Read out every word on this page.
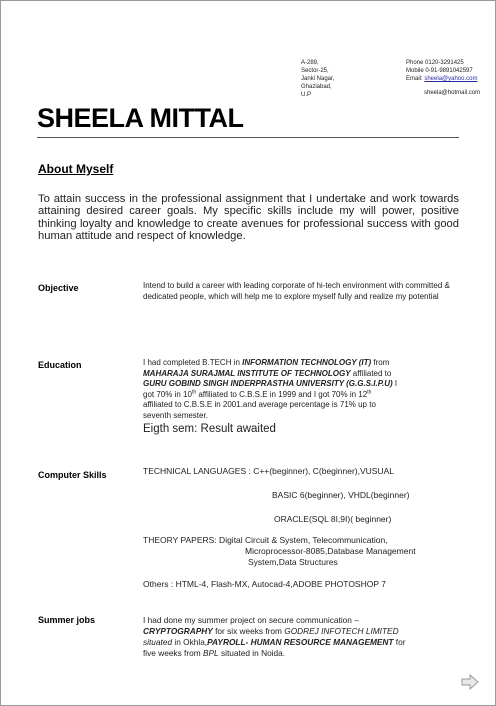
A-289,
Sector-25,
Janki Nagar,
Ghaziabad,
U.P
Phone 0120-3291425
Mobile 0-91-9891042597
Email: sheela@yahoo.com
sheela@hotmail.com
SHEELA MITTAL
About Myself
To attain success in the professional assignment that I undertake and work towards attaining desired career goals. My specific skills include my will power, positive thinking loyalty and knowledge to create avenues for professional success with good human attitude and respect of knowledge.
Objective	Intend to build a career with leading corporate of hi-tech environment with committed & dedicated people, which will help me to explore myself fully and realize my potential
Education	I had completed B.TECH in INFORMATION TECHNOLOGY (IT) from

MAHARAJA SURAJMAL INSTITUTE OF TECHNOLOGY affiliated to

GURU GOBIND SINGH INDERPRASTHA UNIVERSITY (G.G.S.I.P.U) I

got 70% in 10th affiliated to C.B.S.E in 1999 and I got 70% in 12th

affiliated to C.B.S.E in 2001.and average percentage is 71% up to

seventh semester.

Eigth sem: Result awaited

Computer Skills	TECHNICAL LANGUAGES : C++(beginner), C(beginner),VUSUAL
BASIC 6(beginner), VHDL(beginner)
ORACLE(SQL 8I,9I)( beginner)
THEORY PAPERS: Digital Circuit & System, Telecommunication,
Microprocessor-8085,Database Management
System,Data Structures
Others : HTML-4, Flash-MX, Autocad-4,ADOBE PHOTOSHOP 7
Summer jobs	I had done my summer project on secure communication –
CRYPTOGRAPHY for six weeks from GODREJ INFOTECH LIMITED
situated in Okhla,PAYROLL- HUMAN RESOURCE MANAGEMENT for
five weeks from BPL situated in Noida.
